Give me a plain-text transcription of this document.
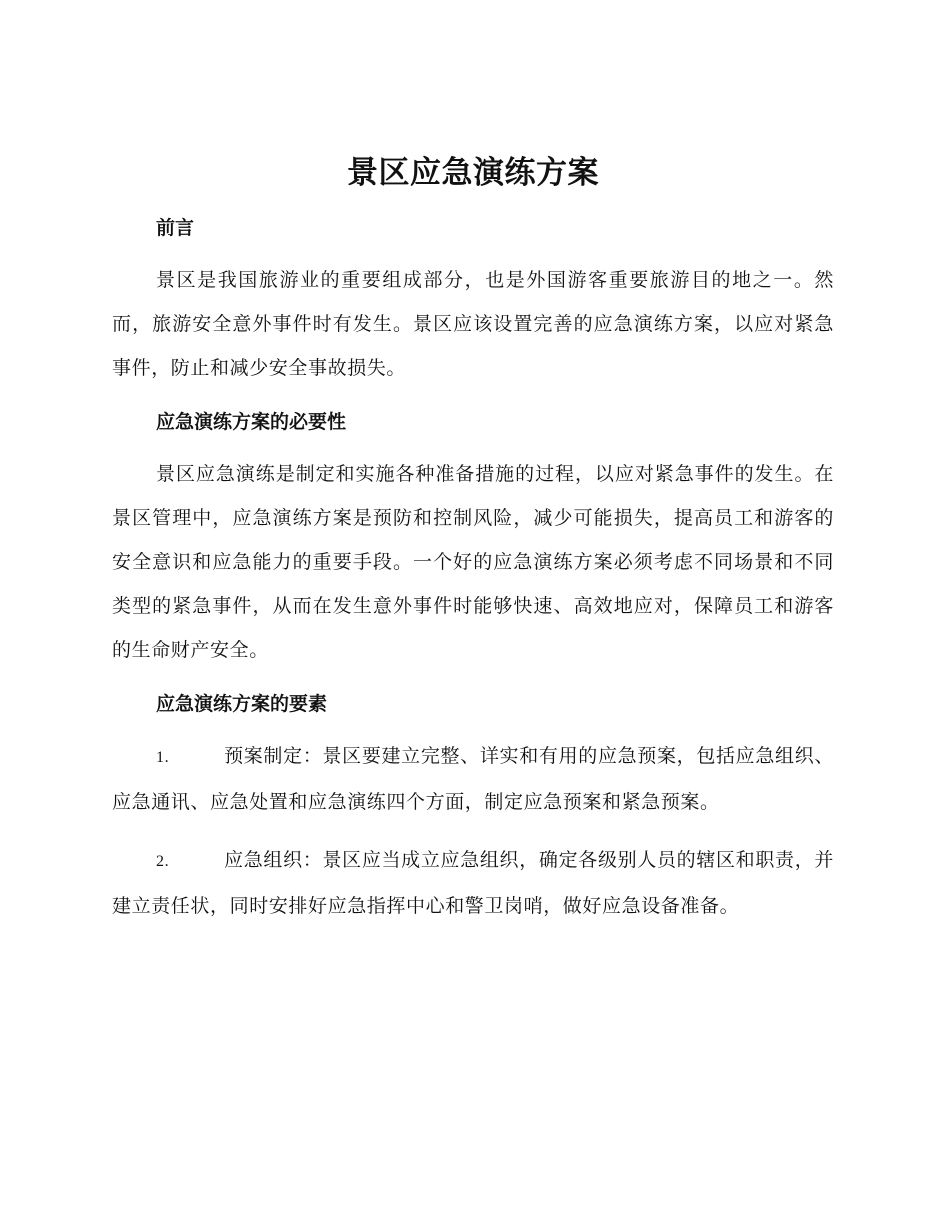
景区应急演练方案
前言

景区是我国旅游业的重要组成部分，也是外国游客重要旅游目的地之一。然而，旅游安全意外事件时有发生。景区应该设置完善的应急演练方案，以应对紧急事件，防止和减少安全事故损失。

应急演练方案的必要性

景区应急演练是制定和实施各种准备措施的过程，以应对紧急事件的发生。在景区管理中，应急演练方案是预防和控制风险，减少可能损失，提高员工和游客的安全意识和应急能力的重要手段。一个好的应急演练方案必须考虑不同场景和不同类型的紧急事件，从而在发生意外事件时能够快速、高效地应对，保障员工和游客的生命财产安全。

应急演练方案的要素

1.	预案制定：景区要建立完整、详实和有用的应急预案，包括应急组织、应急通讯、应急处置和应急演练四个方面，制定应急预案和紧急预案。

2.	应急组织：景区应当成立应急组织，确定各级别人员的辖区和职责，并建立责任状，同时安排好应急指挥中心和警卫岗哨，做好应急设备准备。
